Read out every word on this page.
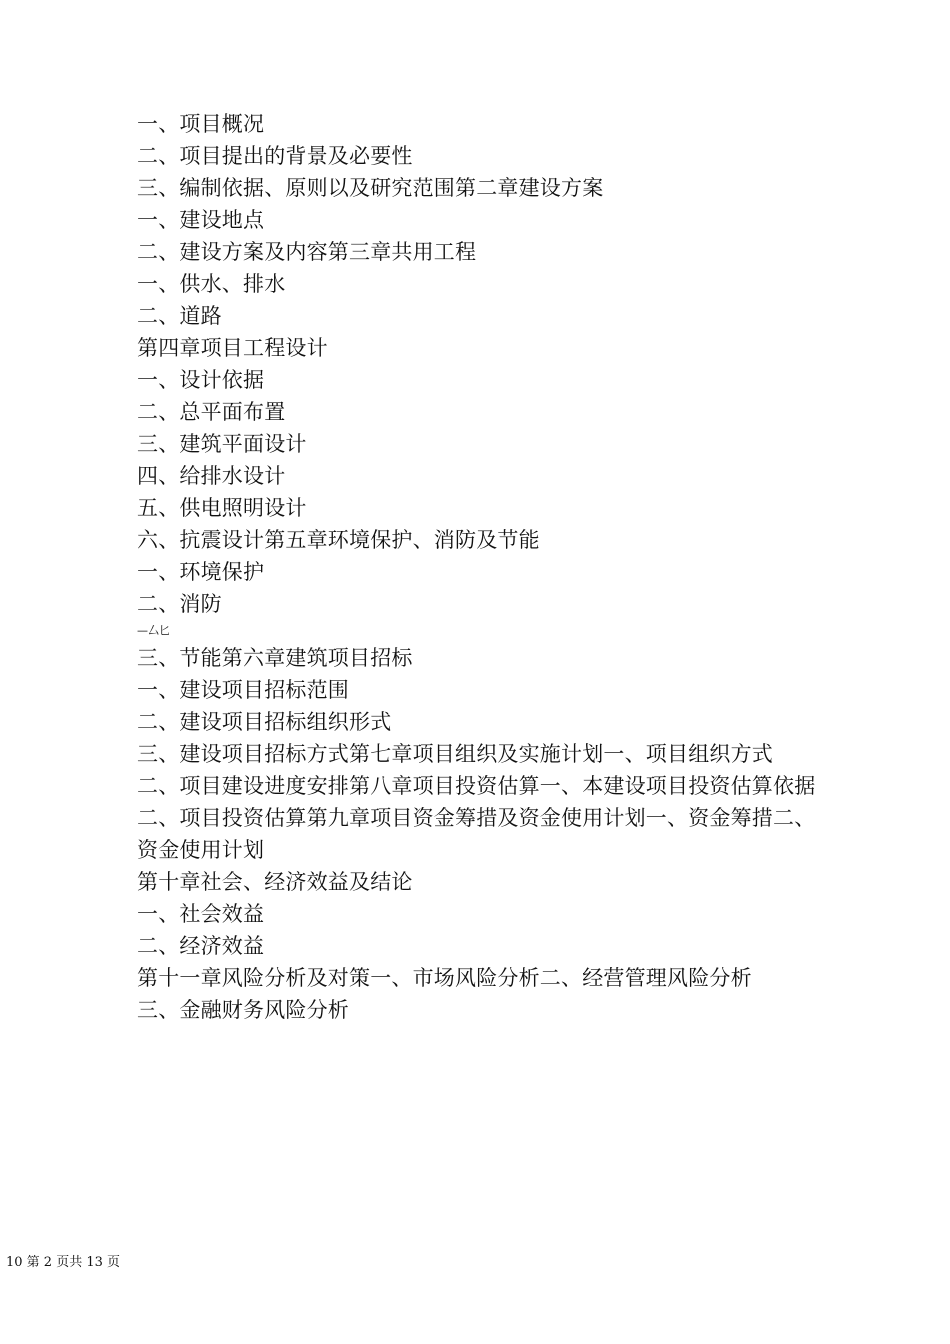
一、项目概况
二、项目提出的背景及必要性
三、编制依据、原则以及研究范围第二章建设方案
一、建设地点
二、建设方案及内容第三章共用工程
一、供水、排水
二、道路
第四章项目工程设计
一、设计依据
二、总平面布置
三、建筑平面设计
四、给排水设计
五、供电照明设计
六、抗震设计第五章环境保护、消防及节能
一、环境保护
二、消防
—厶匕
三、节能第六章建筑项目招标
一、建设项目招标范围
二、建设项目招标组织形式
三、建设项目招标方式第七章项目组织及实施计划一、项目组织方式
二、项目建设进度安排第八章项目投资估算一、本建设项目投资估算依据二、项目投资估算第九章项目资金筹措及资金使用计划一、资金筹措二、资金使用计划
第十章社会、经济效益及结论
一、社会效益
二、经济效益
第十一章风险分析及对策一、市场风险分析二、经营管理风险分析
三、金融财务风险分析
10 第 2 页共 13 页
